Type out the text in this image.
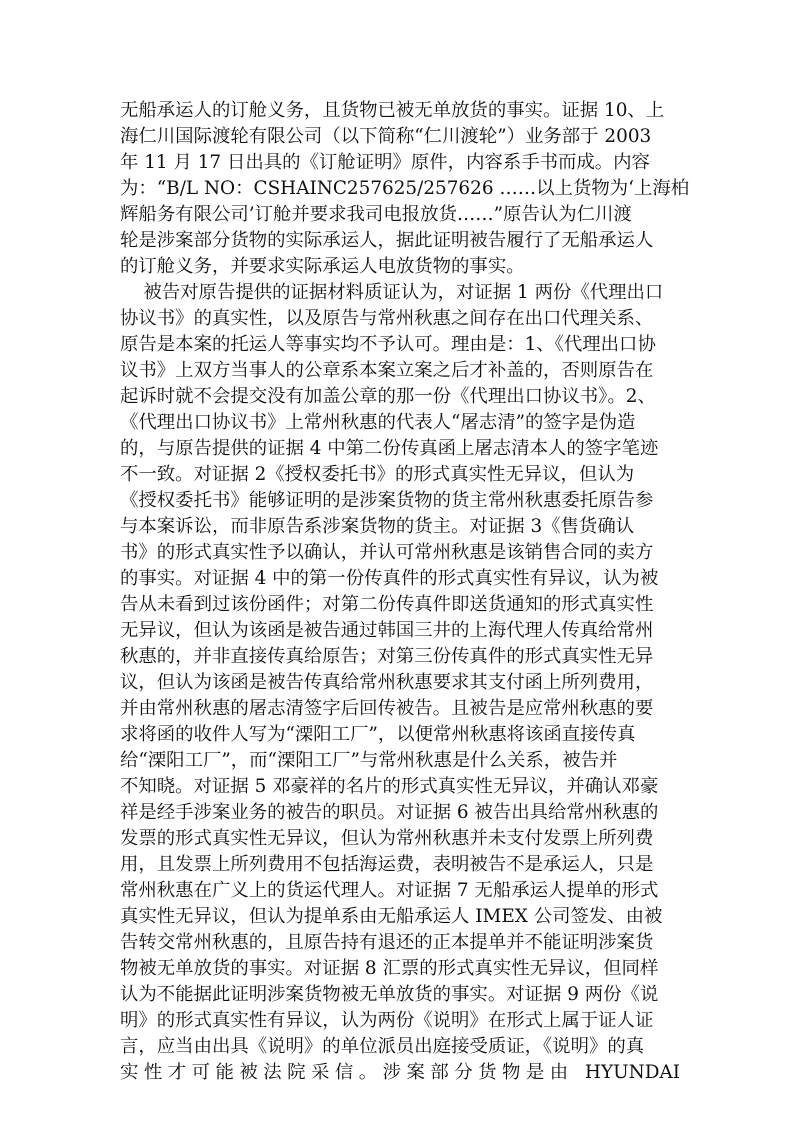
无船承运人的订舱义务，且货物已被无单放货的事实。证据 10、上
海仁川国际渡轮有限公司（以下简称“仁川渡轮”）业务部于 2003
年 11 月 17 日出具的《订舱证明》原件，内容系手书而成。内容
为：“B/L NO：CSHAINC257625/257626 ……以上货物为‘上海柏
辉船务有限公司’订舱并要求我司电报放货……”原告认为仁川渡
轮是涉案部分货物的实际承运人，据此证明被告履行了无船承运人
的订舱义务，并要求实际承运人电放货物的事实。
被告对原告提供的证据材料质证认为，对证据 1 两份《代理出口
协议书》的真实性，以及原告与常州秋惠之间存在出口代理关系、
原告是本案的托运人等事实均不予认可。理由是：1、《代理出口协
议书》上双方当事人的公章系本案立案之后才补盖的，否则原告在
起诉时就不会提交没有加盖公章的那一份《代理出口协议书》。2、
《代理出口协议书》上常州秋惠的代表人“屠志清”的签字是伪造
的，与原告提供的证据 4 中第二份传真函上屠志清本人的签字笔迹
不一致。对证据 2《授权委托书》的形式真实性无异议，但认为
《授权委托书》能够证明的是涉案货物的货主常州秋惠委托原告参
与本案诉讼，而非原告系涉案货物的货主。对证据 3《售货确认
书》的形式真实性予以确认，并认可常州秋惠是该销售合同的卖方
的事实。对证据 4 中的第一份传真件的形式真实性有异议，认为被
告从未看到过该份函件；对第二份传真件即送货通知的形式真实性
无异议，但认为该函是被告通过韩国三井的上海代理人传真给常州
秋惠的，并非直接传真给原告；对第三份传真件的形式真实性无异
议，但认为该函是被告传真给常州秋惠要求其支付函上所列费用，
并由常州秋惠的屠志清签字后回传被告。且被告是应常州秋惠的要
求将函的收件人写为“溧阳工厂”，以便常州秋惠将该函直接传真
给“溧阳工厂”，而“溧阳工厂”与常州秋惠是什么关系，被告并
不知晓。对证据 5 邓豪祥的名片的形式真实性无异议，并确认邓豪
祥是经手涉案业务的被告的职员。对证据 6 被告出具给常州秋惠的
发票的形式真实性无异议，但认为常州秋惠并未支付发票上所列费
用，且发票上所列费用不包括海运费，表明被告不是承运人，只是
常州秋惠在广义上的货运代理人。对证据 7 无船承运人提单的形式
真实性无异议，但认为提单系由无船承运人 IMEX 公司签发、由被
告转交常州秋惠的，且原告持有退还的正本提单并不能证明涉案货
物被无单放货的事实。对证据 8 汇票的形式真实性无异议，但同样
认为不能据此证明涉案货物被无单放货的事实。对证据 9 两份《说
明》的形式真实性有异议，认为两份《说明》在形式上属于证人证
言，应当由出具《说明》的单位派员出庭接受质证，《说明》的真
实性才可能被法院采信。涉案部分货物是由 HYUNDAI
